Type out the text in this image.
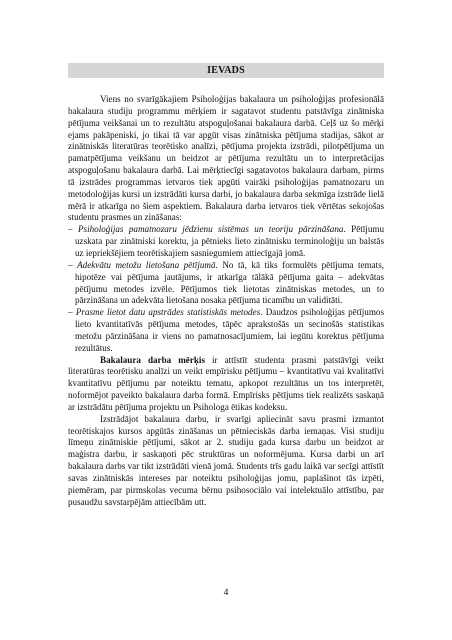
IEVADS

Viens no svarīgākajiem Psiholoģijas bakalaura un psiholoģijas profesionālā bakalaura studiju programmu mērķiem ir sagatavot studentu patstāvīga zinātniska pētījuma veikšanai un to rezultātu atspoguļošanai bakalaura darbā. Ceļš uz šo mērķi ejams pakāpeniski, jo tikai tā var apgūt visas zinātniska pētījuma stadijas, sākot ar zinātniskās literatūras teorētisko analīzi, pētījuma projekta izstrādi, pilotpētījuma un pamatpētījuma veikšanu un beidzot ar pētījuma rezultātu un to interpretācijas atspoguļošanu bakalaura darbā. Lai mērķtiecīgi sagatavotos bakalaura darbam, pirms tā izstrādes programmas ietvaros tiek apgūti vairāki psiholoģijas pamatnozaru un metodoloģijas kursi un izstrādāti kursa darbi, jo bakalaura darba sekmīga izstrāde lielā mērā ir atkarīga no šiem aspektiem. Bakalaura darba ietvaros tiek vērtētas sekojošas studentu prasmes un zināšanas:

– Psiholoģijas pamatnozaru jēdzienu sistēmas un teoriju pārzināšana. Pētījumu uzskata par zinātniski korektu, ja pētnieks lieto zinātnisku terminoloģiju un balstās uz iepriekšējiem teorētiskajiem sasniegumiem attiecīgajā jomā.

– Adekvātu metožu lietošana pētījumā. No tā, kā tiks formulēts pētījuma temats, hipotēze vai pētījuma jautājums, ir atkarīga tālākā pētījuma gaita – adekvātas pētījumu metodes izvēle. Pētījumos tiek lietotas zinātniskas metodes, un to pārzināšana un adekvāta lietošana nosaka pētījuma ticamību un validitāti.

– Prasme lietot datu apstrādes statistiskās metodes. Daudzos psiholoģijas pētījumos lieto kvantitatīvās pētījuma metodes, tāpēc aprakstošās un secinošās statistikas metožu pārzināšana ir viens no pamatnosacījumiem, lai iegūtu korektus pētījuma rezultātus.

Bakalaura darba mērķis ir attīstīt studenta prasmi patstāvīgi veikt literatūras teorētisku analīzi un veikt empīrisku pētījumu – kvantitatīvu vai kvalitatīvi kvantitatīvu pētījumu par noteiktu tematu, apkopot rezultātus un tos interpretēt, noformējot paveikto bakalaura darba formā. Empīrisks pētījums tiek realizēts saskaņā ar izstrādātu pētījuma projektu un Psihologa ētikas kodeksu.

Izstrādājot bakalaura darbu, ir svarīgi apliecināt savu prasmi izmantot teorētiskajos kursos apgūtās zināšanas un pētnieciskās darba iemaņas. Visi studiju līmeņu zinātniskie pētījumi, sākot ar 2. studiju gada kursa darbu un beidzot ar maģistra darbu, ir saskaņoti pēc struktūras un noformējuma. Kursa darbi un arī bakalaura darbs var tikt izstrādāti vienā jomā. Students trīs gadu laikā var secīgi attīstīt savas zinātniskās intereses par noteiktu psiholoģijas jomu, paplašinot tās izpēti, piemēram, par pirmskolas vecuma bērnu psihosociālo vai intelektuālo attīstību, par pusaudžu savstarpējām attiecībām utt.

4
